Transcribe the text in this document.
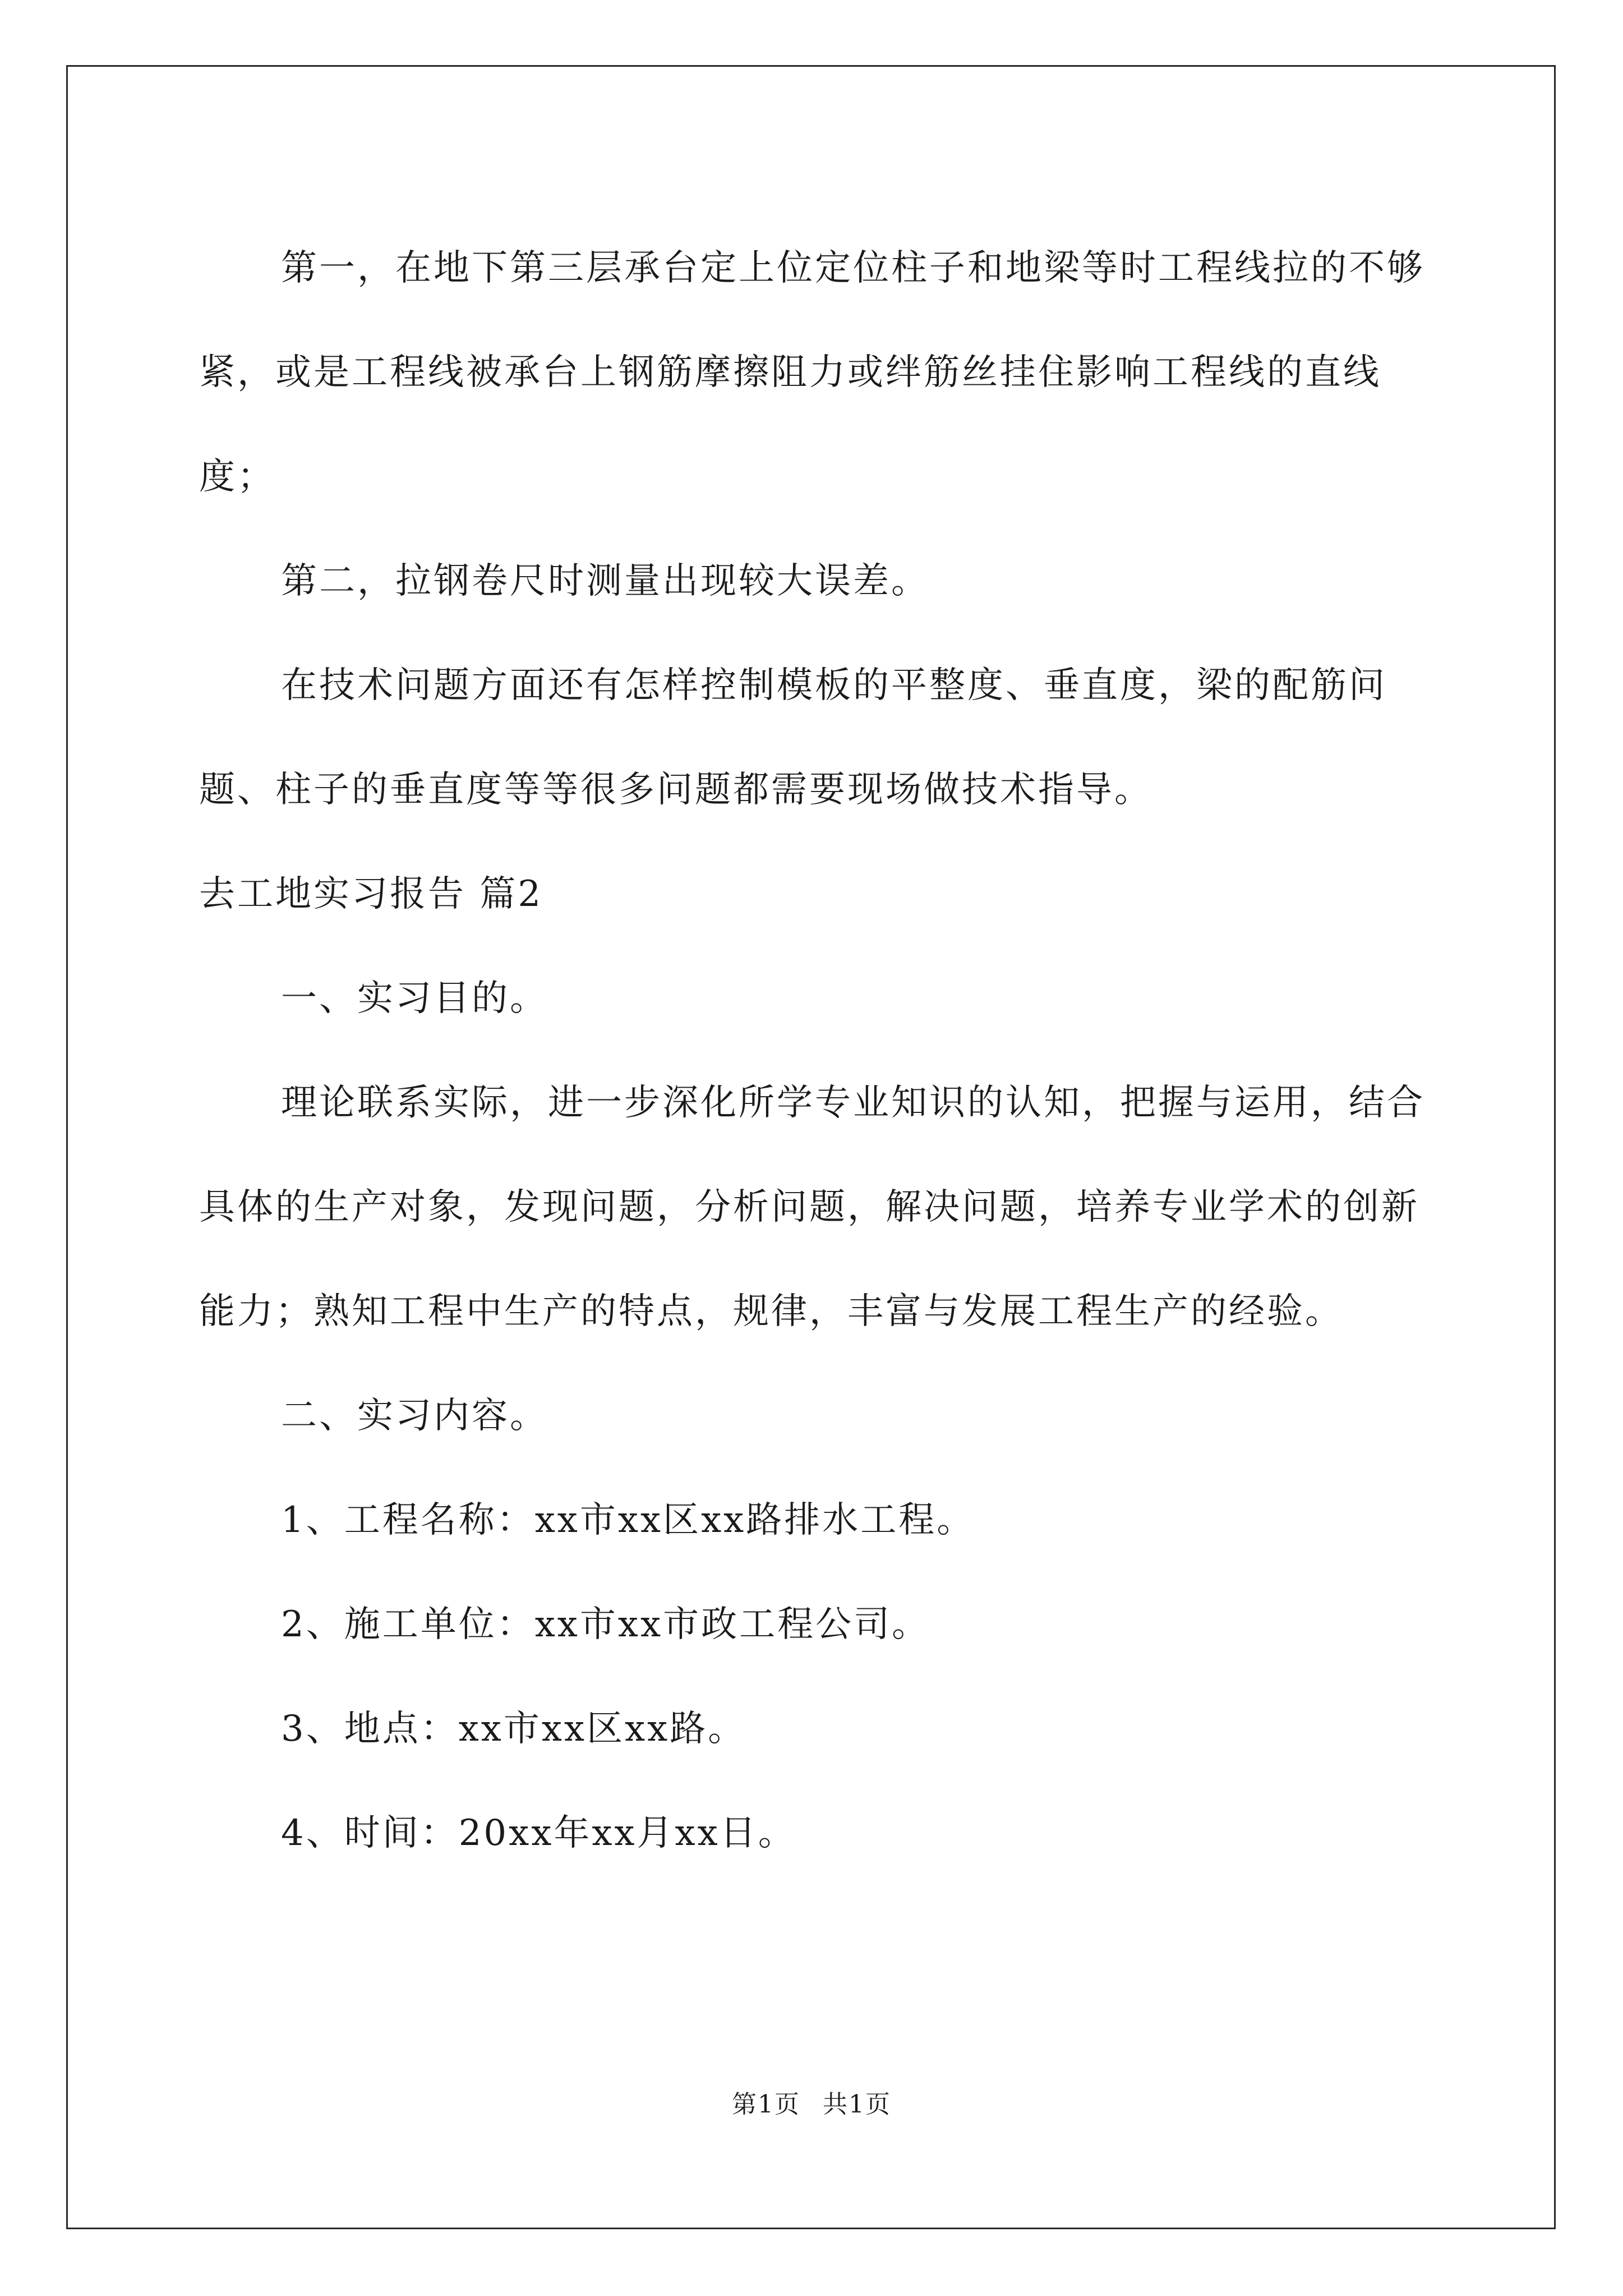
第一，在地下第三层承台定上位定位柱子和地梁等时工程线拉的不够紧，或是工程线被承台上钢筋摩擦阻力或绊筋丝挂住影响工程线的直线度；

第二，拉钢卷尺时测量出现较大误差。

在技术问题方面还有怎样控制模板的平整度、垂直度，梁的配筋问题、柱子的垂直度等等很多问题都需要现场做技术指导。

去工地实习报告 篇2

一、实习目的。

理论联系实际，进一步深化所学专业知识的认知，把握与运用，结合具体的生产对象，发现问题，分析问题，解决问题，培养专业学术的创新能力；熟知工程中生产的特点，规律，丰富与发展工程生产的经验。

二、实习内容。

1、工程名称：xx市xx区xx路排水工程。

2、施工单位：xx市xx市政工程公司。

3、地点：xx市xx区xx路。

4、时间：20xx年xx月xx日。

第1页 共1页
